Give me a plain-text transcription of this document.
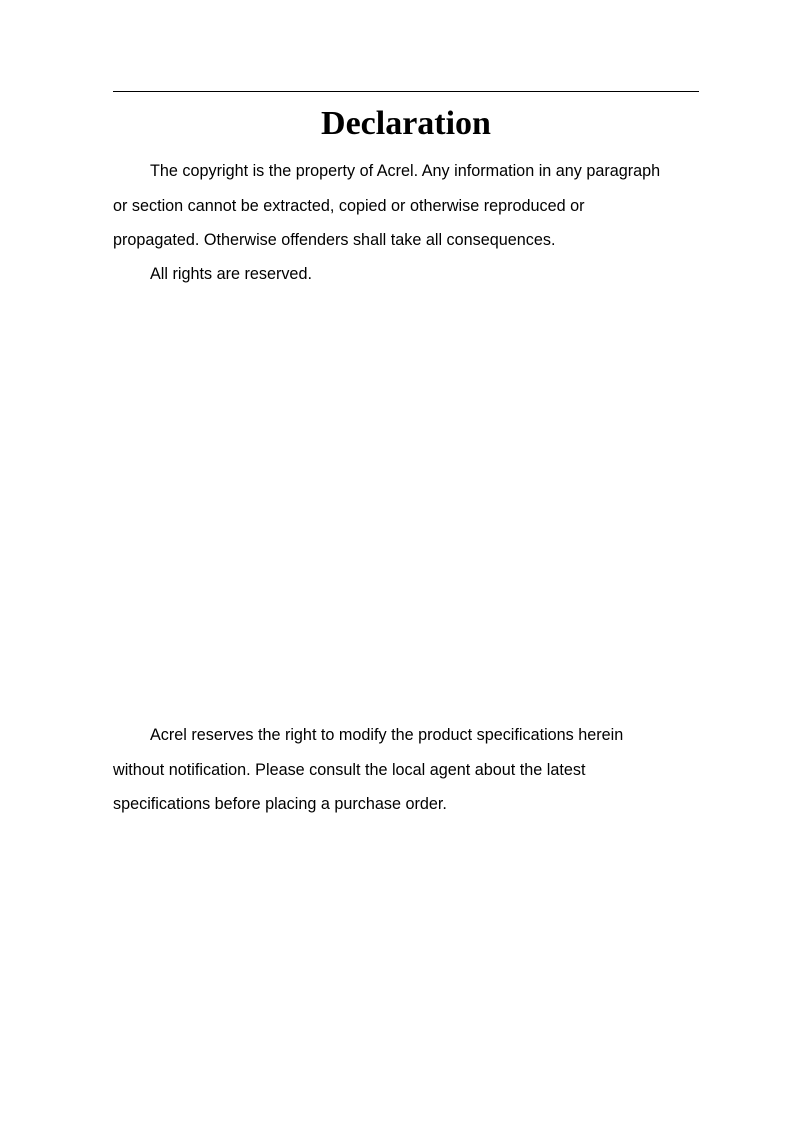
Declaration

The copyright is the property of Acrel. Any information in any paragraph
or section cannot be extracted, copied or otherwise reproduced or
propagated. Otherwise offenders shall take all consequences.

All rights are reserved.

Acrel reserves the right to modify the product specifications herein
without notification. Please consult the local agent about the latest
specifications before placing a purchase order.
